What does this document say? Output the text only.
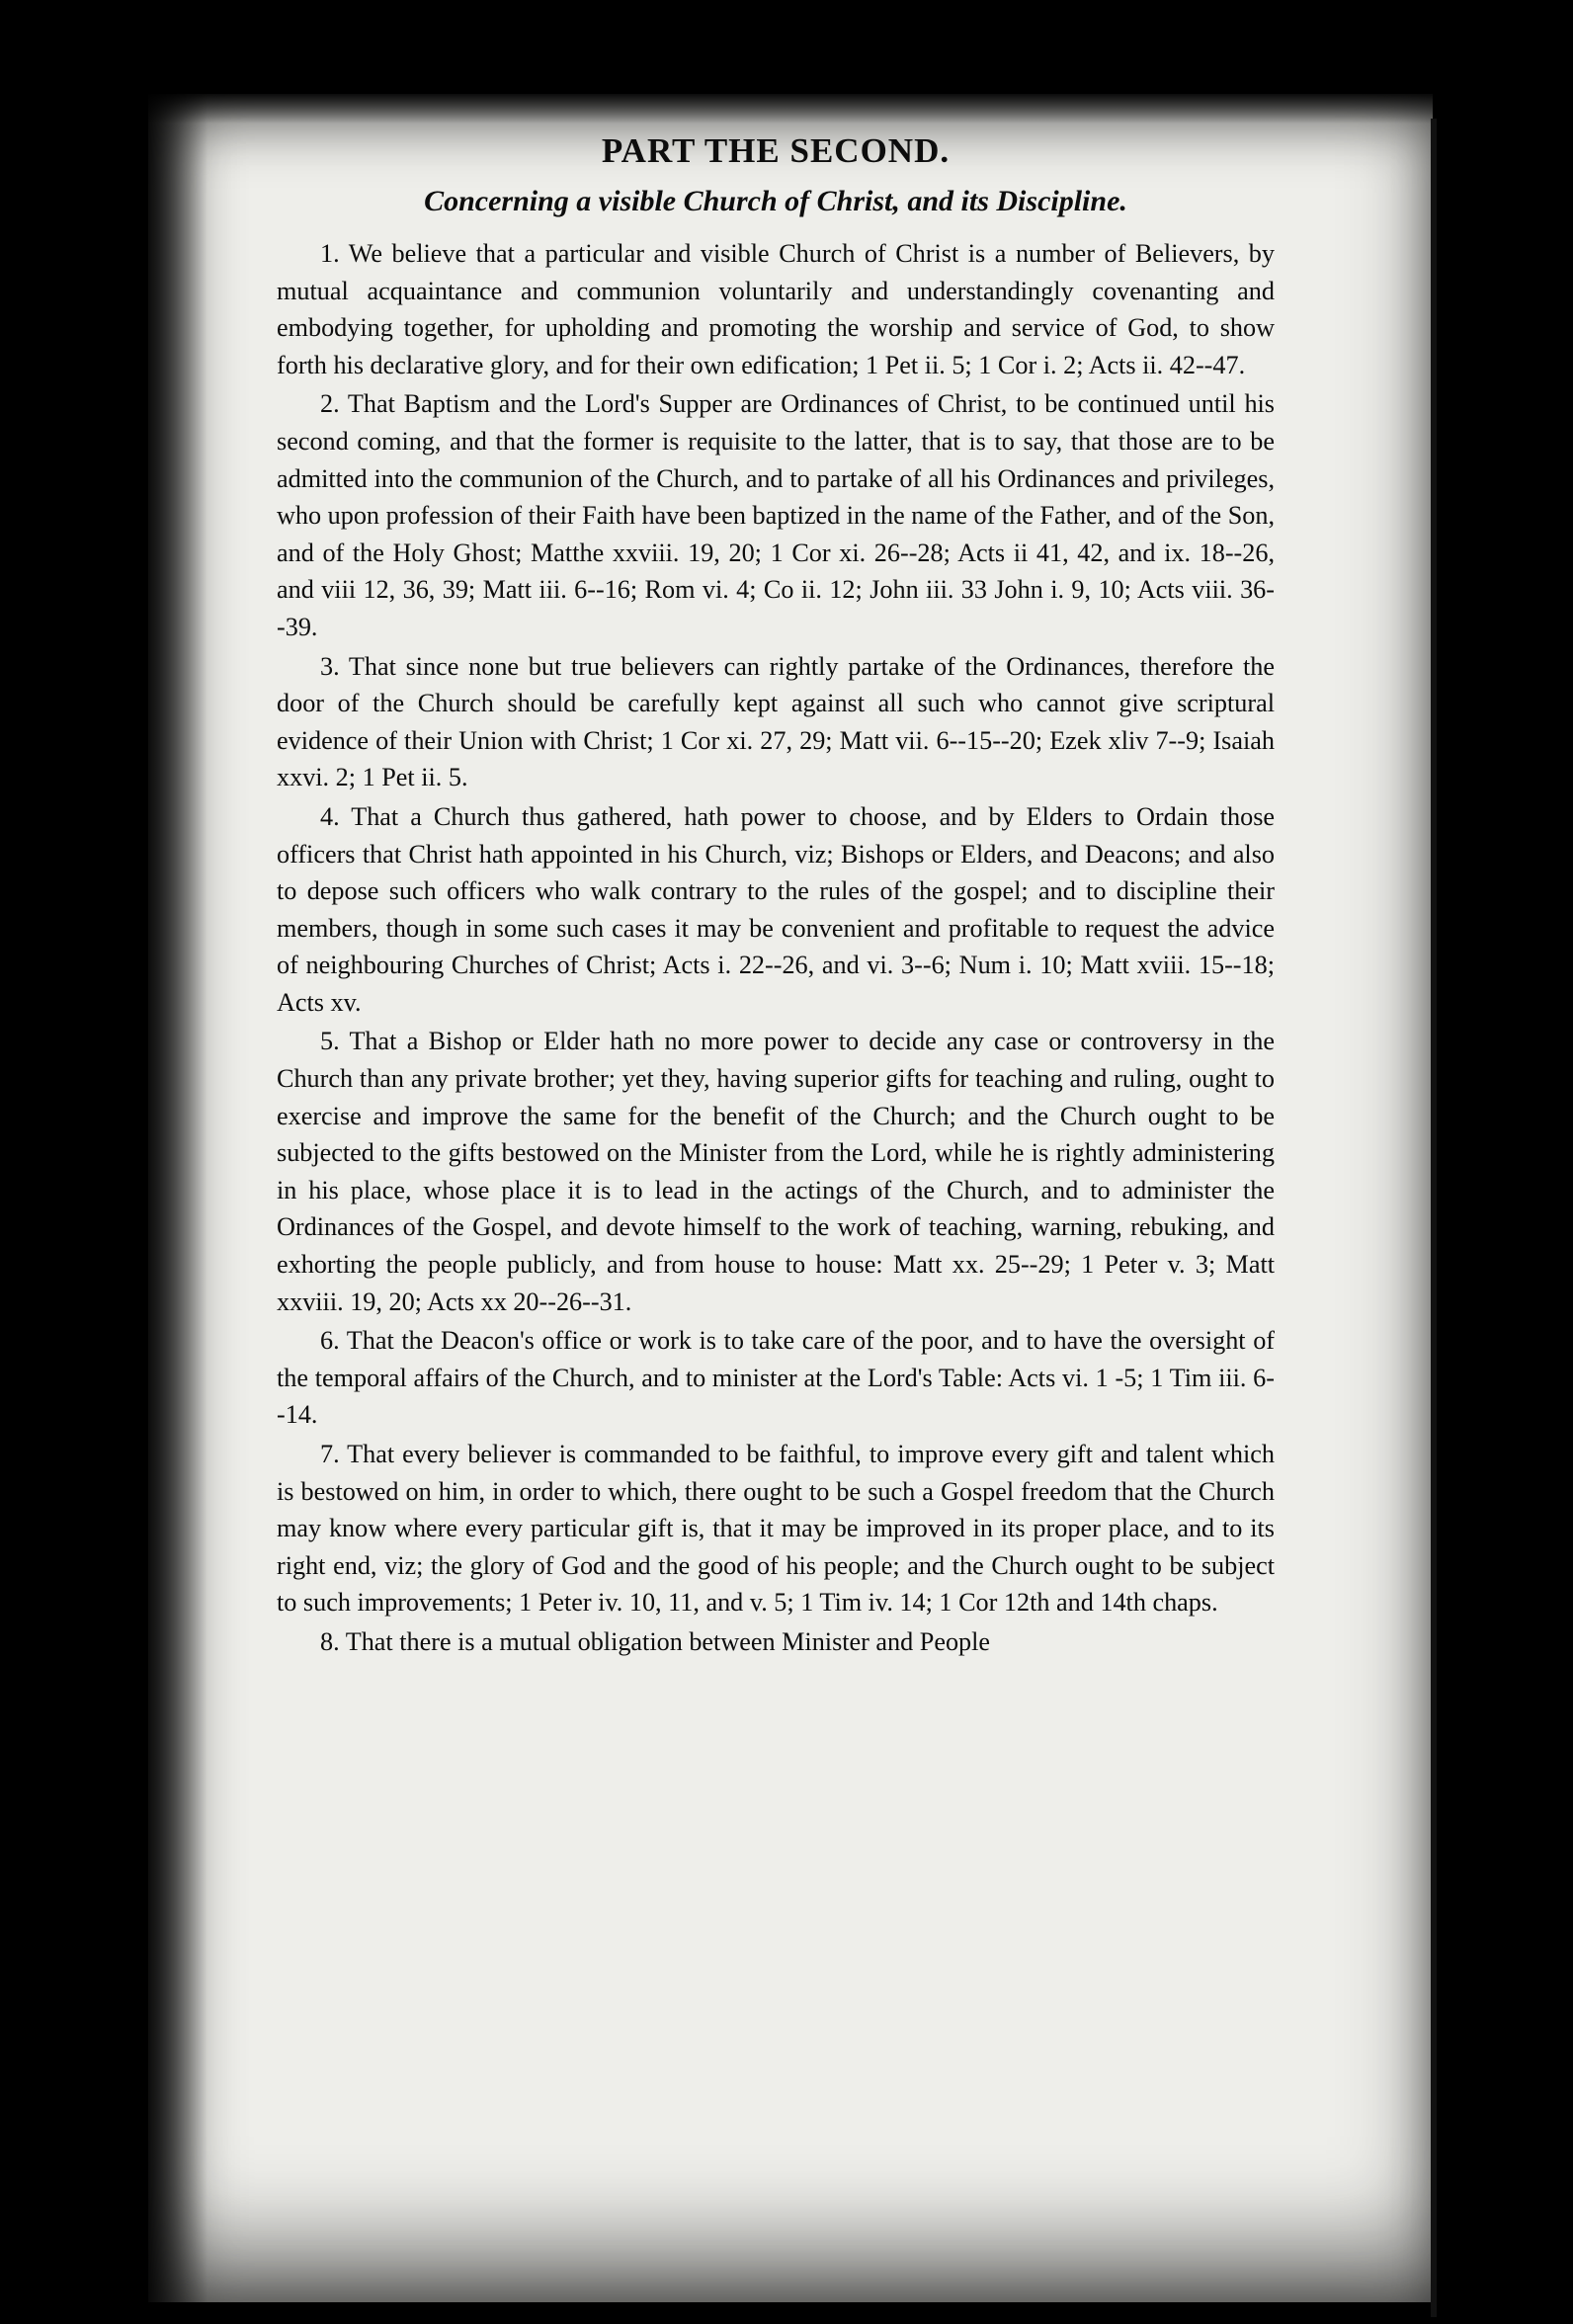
PART THE SECOND.
Concerning a visible Church of Christ, and its Discipline.

1. We believe that a particular and visible Church of Christ is a number of Believers, by mutual acquaintance and communion voluntarily and understandingly covenanting and embodying together, for upholding and promoting the worship and service of God, to show forth his declarative glory, and for their own edification; 1 Pet ii. 5; 1 Cor i. 2; Acts ii. 42--47.

2. That Baptism and the Lord's Supper are Ordinances of Christ, to be continued until his second coming, and that the former is requisite to the latter, that is to say, that those are to be admitted into the communion of the Church, and to partake of all his Ordinances and privileges, who upon profession of their Faith have been baptized in the name of the Father, and of the Son, and of the Holy Ghost; Matthe xxviii. 19, 20; 1 Cor xi. 26--28; Acts ii 41, 42, and ix. 18--26, and viii 12, 36, 39; Matt iii. 6--16; Rom vi. 4; Co ii. 12; John iii. 33 John i. 9, 10; Acts viii. 36--39.

3. That since none but true believers can rightly partake of the Ordinances, therefore the door of the Church should be carefully kept against all such who cannot give scriptural evidence of their Union with Christ; 1 Cor xi. 27, 29; Matt vii. 6--15--20; Ezek xliv 7--9; Isaiah xxvi. 2; 1 Pet ii. 5.

4. That a Church thus gathered, hath power to choose, and by Elders to Ordain those officers that Christ hath appointed in his Church, viz; Bishops or Elders, and Deacons; and also to depose such officers who walk contrary to the rules of the gospel; and to discipline their members, though in some such cases it may be convenient and profitable to request the advice of neighbouring Churches of Christ; Acts i. 22--26, and vi. 3--6; Num i. 10; Matt xviii. 15--18; Acts xv.

5. That a Bishop or Elder hath no more power to decide any case or controversy in the Church than any private brother; yet they, having superior gifts for teaching and ruling, ought to exercise and improve the same for the benefit of the Church; and the Church ought to be subjected to the gifts bestowed on the Minister from the Lord, while he is rightly administering in his place, whose place it is to lead in the actings of the Church, and to administer the Ordinances of the Gospel, and devote himself to the work of teaching, warning, rebuking, and exhorting the people publicly, and from house to house: Matt xx. 25--29; 1 Peter v. 3; Matt xxviii. 19, 20; Acts xx 20--26--31.

6. That the Deacon's office or work is to take care of the poor, and to have the oversight of the temporal affairs of the Church, and to minister at the Lord's Table: Acts vi. 1 -5; 1 Tim iii. 6--14.

7. That every believer is commanded to be faithful, to improve every gift and talent which is bestowed on him, in order to which, there ought to be such a Gospel freedom that the Church may know where every particular gift is, that it may be improved in its proper place, and to its right end, viz; the glory of God and the good of his people; and the Church ought to be subject to such improvements; 1 Peter iv. 10, 11, and v. 5; 1 Tim iv. 14; 1 Cor 12th and 14th chaps.

8. That there is a mutual obligation between Minister and People
